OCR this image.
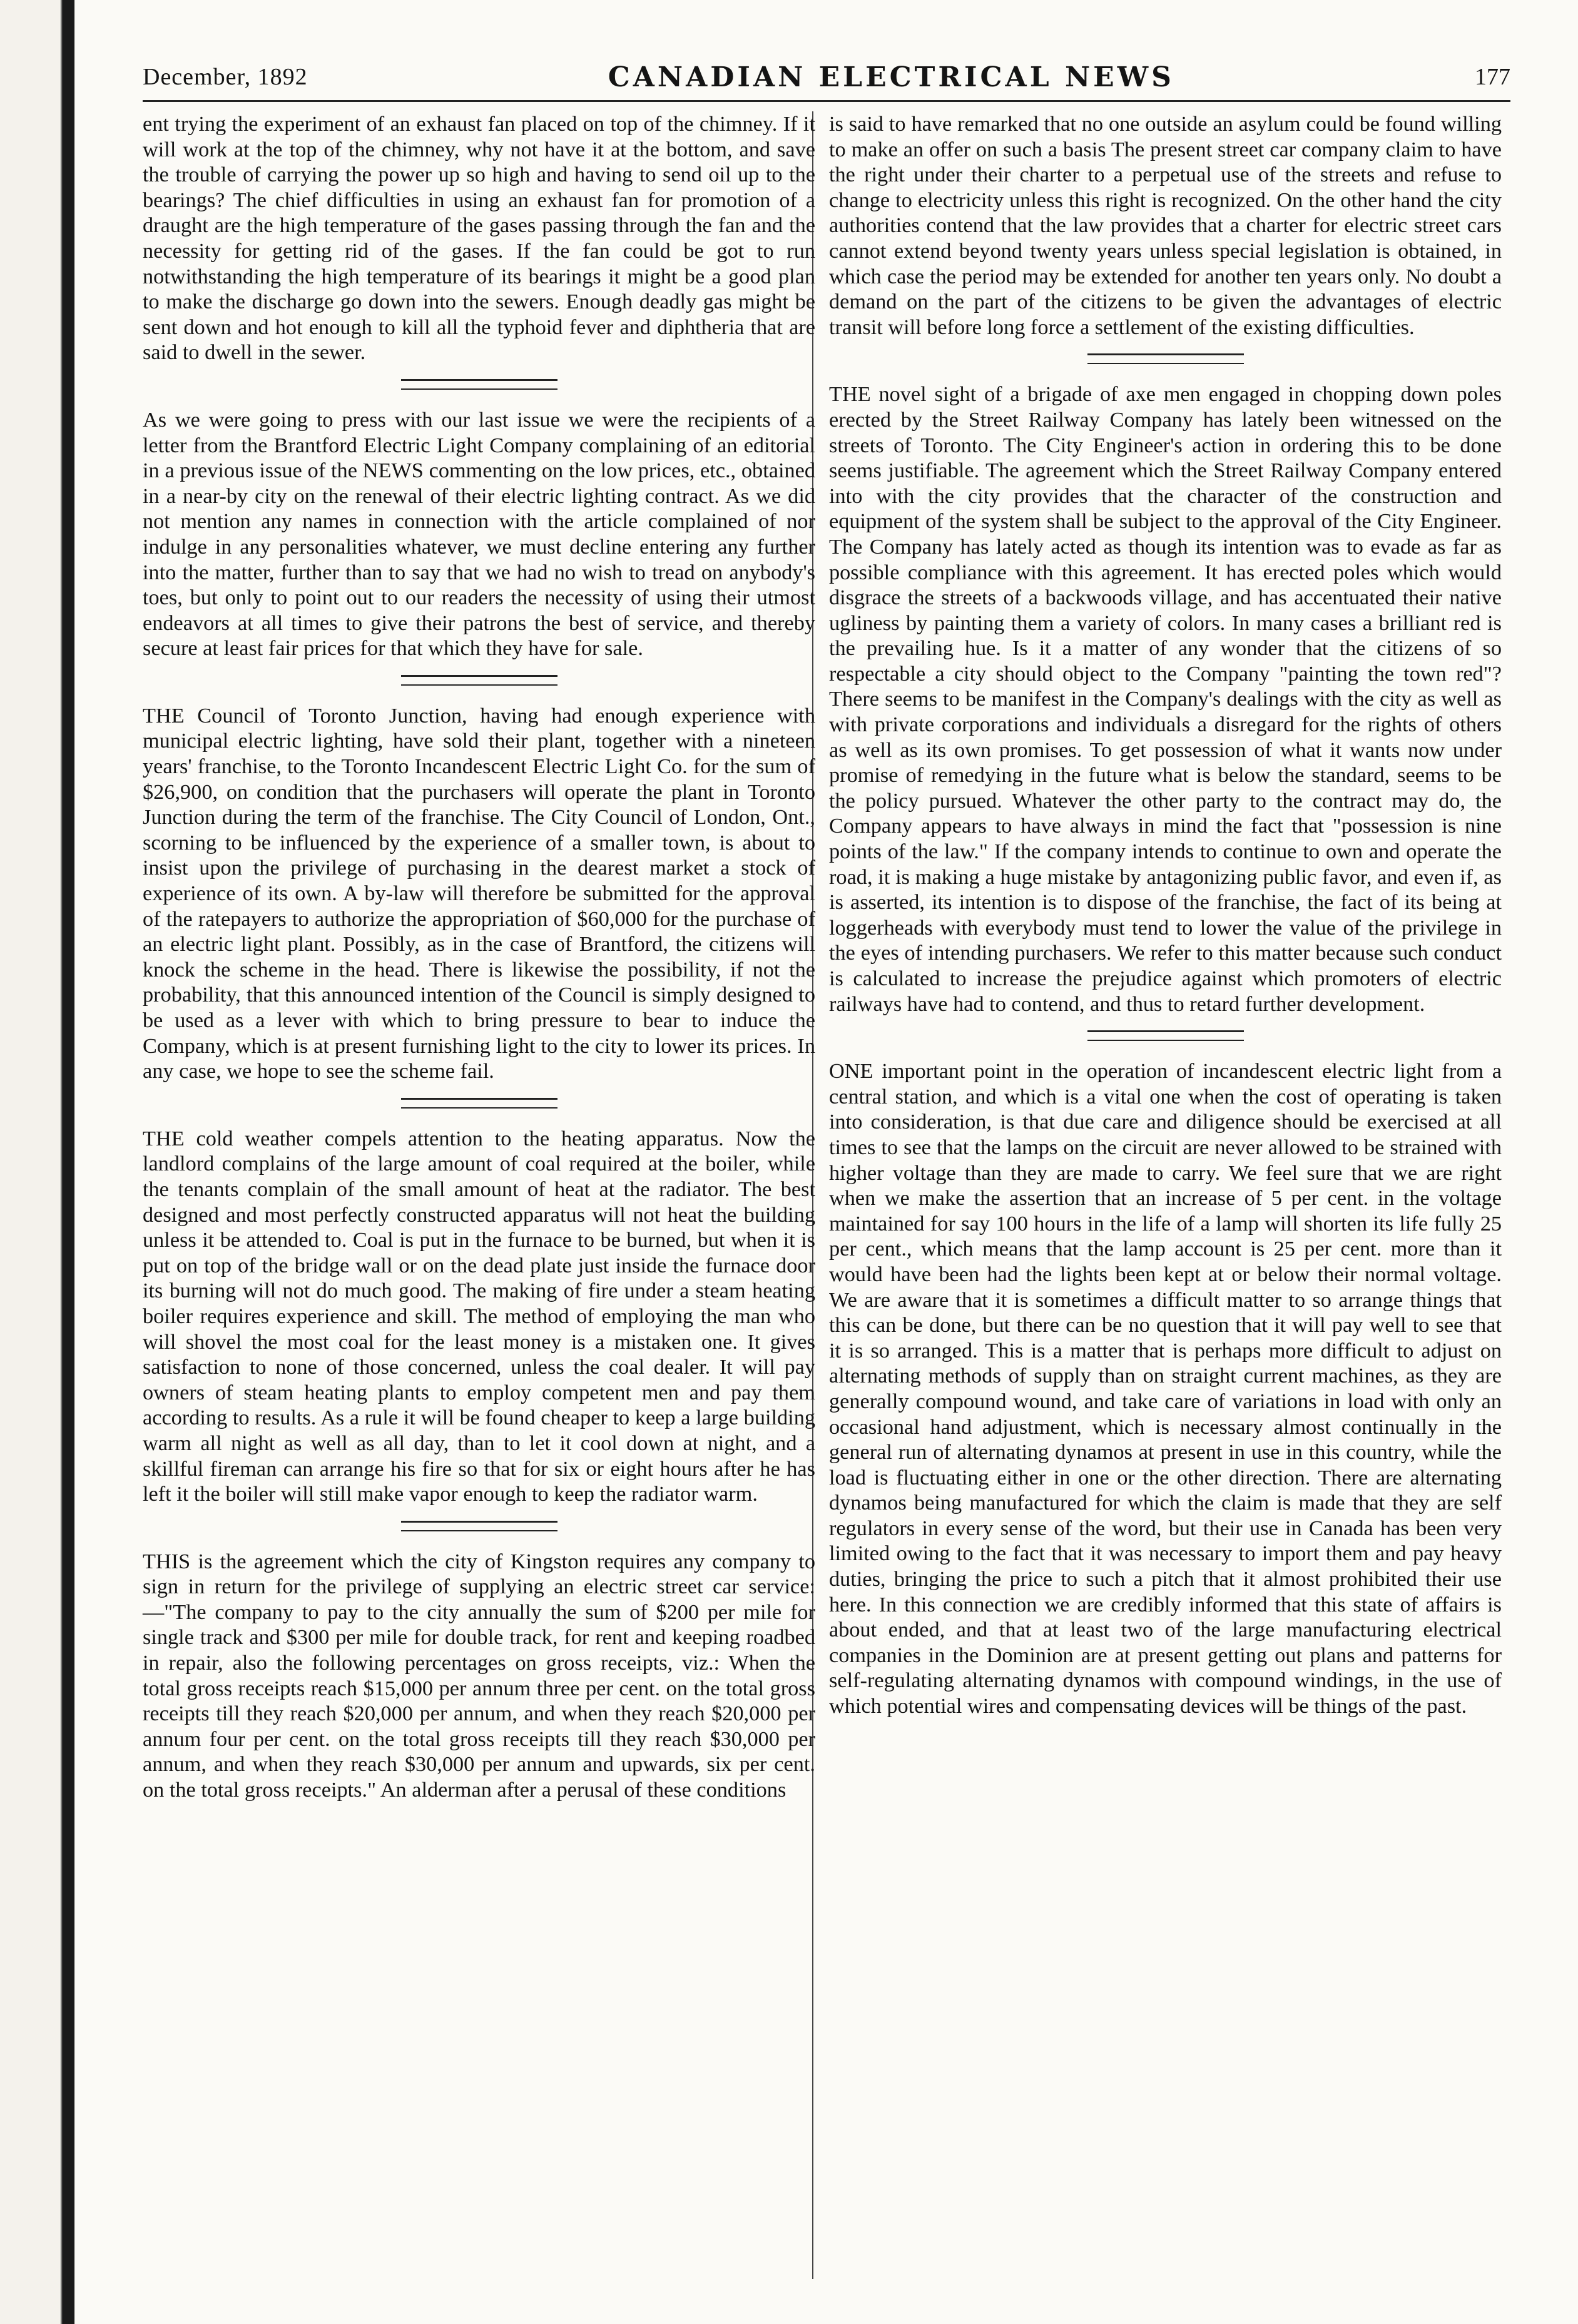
December, 1892	CANADIAN ELECTRICAL NEWS	177

ent trying the experiment of an exhaust fan placed on top of the chimney. If it will work at the top of the chimney, why not have it at the bottom, and save the trouble of carrying the power up so high and having to send oil up to the bearings? The chief difficulties in using an exhaust fan for promotion of a draught are the high temperature of the gases passing through the fan and the necessity for getting rid of the gases. If the fan could be got to run notwithstanding the high temperature of its bearings it might be a good plan to make the discharge go down into the sewers. Enough deadly gas might be sent down and hot enough to kill all the typhoid fever and diphtheria that are said to dwell in the sewer.

As we were going to press with our last issue we were the recipients of a letter from the Brantford Electric Light Company complaining of an editorial in a previous issue of the NEWS commenting on the low prices, etc., obtained in a near-by city on the renewal of their electric lighting contract. As we did not mention any names in connection with the article complained of nor indulge in any personalities whatever, we must decline entering any further into the matter, further than to say that we had no wish to tread on anybody's toes, but only to point out to our readers the necessity of using their utmost endeavors at all times to give their patrons the best of service, and thereby secure at least fair prices for that which they have for sale.

THE Council of Toronto Junction, having had enough experience with municipal electric lighting, have sold their plant, together with a nineteen years' franchise, to the Toronto Incandescent Electric Light Co. for the sum of $26,900, on condition that the purchasers will operate the plant in Toronto Junction during the term of the franchise. The City Council of London, Ont., scorning to be influenced by the experience of a smaller town, is about to insist upon the privilege of purchasing in the dearest market a stock of experience of its own. A by-law will therefore be submitted for the approval of the ratepayers to authorize the appropriation of $60,000 for the purchase of an electric light plant. Possibly, as in the case of Brantford, the citizens will knock the scheme in the head. There is likewise the possibility, if not the probability, that this announced intention of the Council is simply designed to be used as a lever with which to bring pressure to bear to induce the Company, which is at present furnishing light to the city to lower its prices. In any case, we hope to see the scheme fail.

THE cold weather compels attention to the heating apparatus. Now the landlord complains of the large amount of coal required at the boiler, while the tenants complain of the small amount of heat at the radiator. The best designed and most perfectly constructed apparatus will not heat the building unless it be attended to. Coal is put in the furnace to be burned, but when it is put on top of the bridge wall or on the dead plate just inside the furnace door its burning will not do much good. The making of fire under a steam heating boiler requires experience and skill. The method of employing the man who will shovel the most coal for the least money is a mistaken one. It gives satisfaction to none of those concerned, unless the coal dealer. It will pay owners of steam heating plants to employ competent men and pay them according to results. As a rule it will be found cheaper to keep a large building warm all night as well as all day, than to let it cool down at night, and a skillful fireman can arrange his fire so that for six or eight hours after he has left it the boiler will still make vapor enough to keep the radiator warm.

THIS is the agreement which the city of Kingston requires any company to sign in return for the privilege of supplying an electric street car service:—"The company to pay to the city annually the sum of $200 per mile for single track and $300 per mile for double track, for rent and keeping roadbed in repair, also the following percentages on gross receipts, viz.: When the total gross receipts reach $15,000 per annum three per cent. on the total gross receipts till they reach $20,000 per annum, and when they reach $20,000 per annum four per cent. on the total gross receipts till they reach $30,000 per annum, and when they reach $30,000 per annum and upwards, six per cent. on the total gross receipts." An alderman after a perusal of these conditions

is said to have remarked that no one outside an asylum could be found willing to make an offer on such a basis The present street car company claim to have the right under their charter to a perpetual use of the streets and refuse to change to electricity unless this right is recognized. On the other hand the city authorities contend that the law provides that a charter for electric street cars cannot extend beyond twenty years unless special legislation is obtained, in which case the period may be extended for another ten years only. No doubt a demand on the part of the citizens to be given the advantages of electric transit will before long force a settlement of the existing difficulties.

THE novel sight of a brigade of axe men engaged in chopping down poles erected by the Street Railway Company has lately been witnessed on the streets of Toronto. The City Engineer's action in ordering this to be done seems justifiable. The agreement which the Street Railway Company entered into with the city provides that the character of the construction and equipment of the system shall be subject to the approval of the City Engineer. The Company has lately acted as though its intention was to evade as far as possible compliance with this agreement. It has erected poles which would disgrace the streets of a backwoods village, and has accentuated their native ugliness by painting them a variety of colors. In many cases a brilliant red is the prevailing hue. Is it a matter of any wonder that the citizens of so respectable a city should object to the Company "painting the town red"? There seems to be manifest in the Company's dealings with the city as well as with private corporations and individuals a disregard for the rights of others as well as its own promises. To get possession of what it wants now under promise of remedying in the future what is below the standard, seems to be the policy pursued. Whatever the other party to the contract may do, the Company appears to have always in mind the fact that "possession is nine points of the law." If the company intends to continue to own and operate the road, it is making a huge mistake by antagonizing public favor, and even if, as is asserted, its intention is to dispose of the franchise, the fact of its being at loggerheads with everybody must tend to lower the value of the privilege in the eyes of intending purchasers. We refer to this matter because such conduct is calculated to increase the prejudice against which promoters of electric railways have had to contend, and thus to retard further development.

ONE important point in the operation of incandescent electric light from a central station, and which is a vital one when the cost of operating is taken into consideration, is that due care and diligence should be exercised at all times to see that the lamps on the circuit are never allowed to be strained with higher voltage than they are made to carry. We feel sure that we are right when we make the assertion that an increase of 5 per cent. in the voltage maintained for say 100 hours in the life of a lamp will shorten its life fully 25 per cent., which means that the lamp account is 25 per cent. more than it would have been had the lights been kept at or below their normal voltage. We are aware that it is sometimes a difficult matter to so arrange things that this can be done, but there can be no question that it will pay well to see that it is so arranged. This is a matter that is perhaps more difficult to adjust on alternating methods of supply than on straight current machines, as they are generally compound wound, and take care of variations in load with only an occasional hand adjustment, which is necessary almost continually in the general run of alternating dynamos at present in use in this country, while the load is fluctuating either in one or the other direction. There are alternating dynamos being manufactured for which the claim is made that they are self regulators in every sense of the word, but their use in Canada has been very limited owing to the fact that it was necessary to import them and pay heavy duties, bringing the price to such a pitch that it almost prohibited their use here. In this connection we are credibly informed that this state of affairs is about ended, and that at least two of the large manufacturing electrical companies in the Dominion are at present getting out plans and patterns for self-regulating alternating dynamos with compound windings, in the use of which potential wires and compensating devices will be things of the past.
